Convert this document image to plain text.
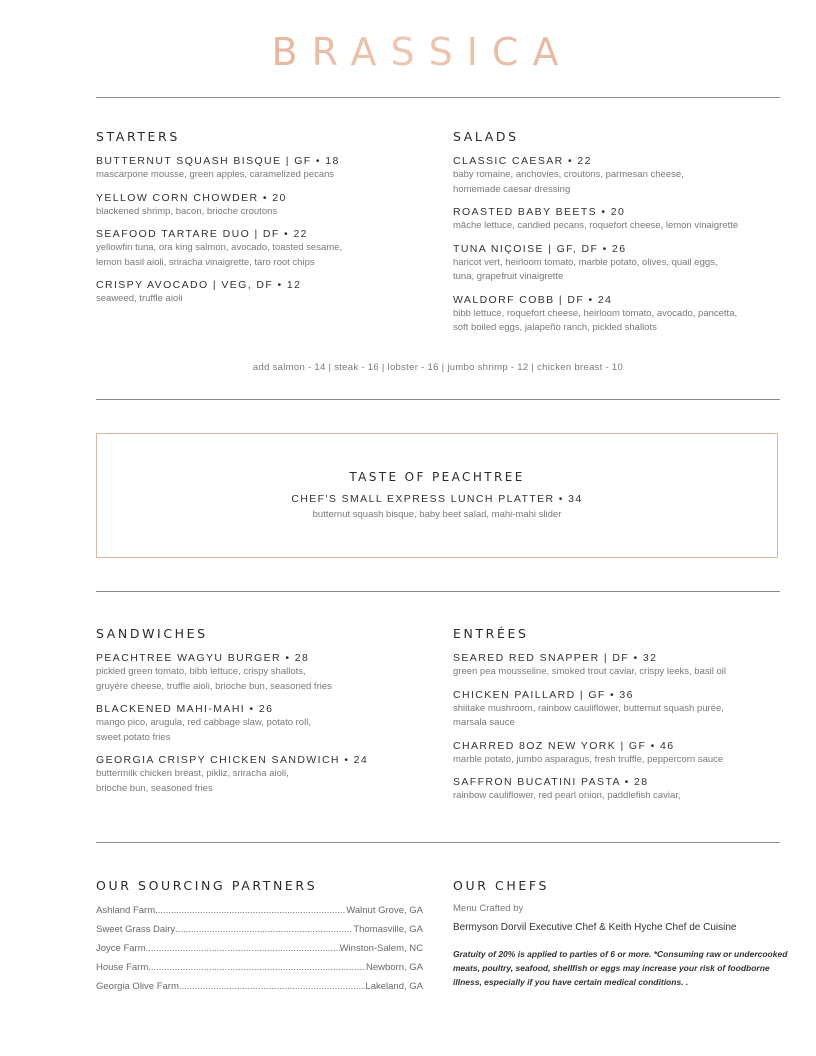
BRASSICA
STARTERS
BUTTERNUT SQUASH BISQUE | GF • 18
mascarpone mousse, green apples, caramelized pecans
YELLOW CORN CHOWDER • 20
blackened shrimp, bacon, brioche croutons
SEAFOOD TARTARE DUO | DF • 22
yellowfin tuna, ora king salmon, avocado, toasted sesame,
lemon basil aioli, sriracha vinaigrette, taro root chips
CRISPY AVOCADO | VEG, DF • 12
seaweed, truffle aioli
SALADS
CLASSIC CAESAR • 22
baby romaine, anchovies, croutons, parmesan cheese,
homemade caesar dressing
ROASTED BABY BEETS • 20
mâche lettuce, candied pecans, roquefort cheese, lemon vinaigrette
TUNA NIÇOISE | GF, DF • 26
haricot vert, heirloom tomato, marble potato, olives, quail eggs,
tuna, grapefruit vinaigrette
WALDORF COBB | DF • 24
bibb lettuce, roquefort cheese, heirloom tomato, avocado, pancetta,
soft boiled eggs, jalapeño ranch, pickled shallots
add salmon - 14 | steak - 16 | lobster - 16 | jumbo shrimp - 12 | chicken breast - 10
TASTE OF PEACHTREE
CHEF'S SMALL EXPRESS LUNCH PLATTER • 34
butternut squash bisque, baby beet salad, mahi-mahi slider
SANDWICHES
PEACHTREE WAGYU BURGER • 28
pickled green tomato, bibb lettuce, crispy shallots,
gruyère cheese, truffle aioli, brioche bun, seasoned fries
BLACKENED MAHI-MAHI • 26
mango pico, arugula, red cabbage slaw, potato roll,
sweet potato fries
GEORGIA CRISPY CHICKEN SANDWICH • 24
buttermilk chicken breast, pikliz, sriracha aioli,
brioche bun, seasoned fries
ENTRÉES
SEARED RED SNAPPER | DF • 32
green pea mousseline, smoked trout caviar, crispy leeks, basil oil
CHICKEN PAILLARD | GF • 36
shiitake mushroom, rainbow cauliflower, butternut squash purée,
marsala sauce
CHARRED 8OZ NEW YORK | GF • 46
marble potato, jumbo asparagus, fresh truffle, peppercorn sauce
SAFFRON BUCATINI PASTA • 28
rainbow cauliflower, red pearl onion, paddlefish caviar,
OUR SOURCING PARTNERS
Ashland Farm .....	Walnut Grove, GA
Sweet Grass Dairy .....	Thomasville, GA
Joyce Farm .....	Winston-Salem, NC
House Farm .....	Newborn, GA
Georgia Olive Farm .....	Lakeland, GA
OUR CHEFS
Menu Crafted by
Bermyson Dorvil Executive Chef & Keith Hyche Chef de Cuisine
Gratuity of 20% is applied to parties of 6 or more. *Consuming raw or undercooked meats, poultry, seafood, shellfish or eggs may increase your risk of foodborne illness, especially if you have certain medical conditions. .
